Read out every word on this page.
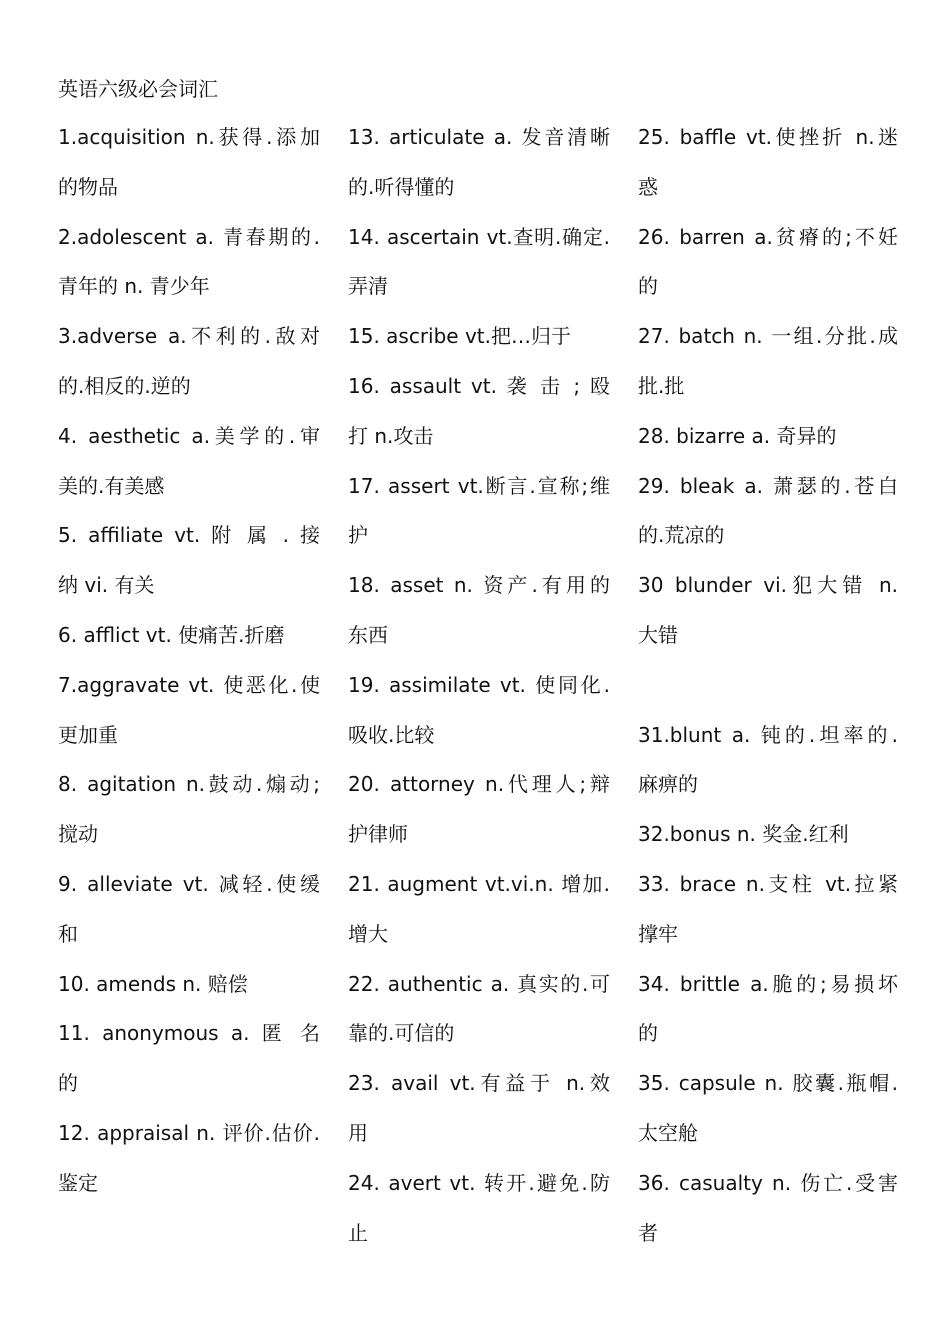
英语六级必会词汇
1.acquisition n.获得.添加
的物品
2.adolescent a. 青春期的.
青年的 n. 青少年
3.adverse a.不利的.敌对
的.相反的.逆的
4. aesthetic a.美学的.审
美的.有美感
5. affiliate vt. 附 属 . 接
纳 vi. 有关
6. afflict vt. 使痛苦.折磨
7.aggravate vt. 使恶化.使
更加重
8. agitation n.鼓动.煽动;
搅动
9. alleviate vt. 减轻.使缓
和
10. amends n. 赔偿
11. anonymous a. 匿 名
的
12. appraisal n. 评价.估价.
鉴定
13. articulate a. 发音清晰
的.听得懂的
14. ascertain vt.查明.确定.
弄清
15. ascribe vt.把…归于
16. assault vt. 袭 击 ; 殴
打 n.攻击
17. assert vt.断言.宣称;维
护
18. asset n. 资产.有用的
东西
19. assimilate vt. 使同化.
吸收.比较
20. attorney n.代理人;辩
护律师
21. augment vt.vi.n. 增加.
增大
22. authentic a. 真实的.可
靠的.可信的
23. avail vt.有益于 n.效
用
24. avert vt. 转开.避免.防
止
25. baffle vt.使挫折 n.迷
惑
26. barren a.贫瘠的;不妊
的
27. batch n. 一组.分批.成
批.批
28. bizarre a. 奇异的
29. bleak a. 萧瑟的.苍白
的.荒凉的
30 blunder vi.犯大错 n.
大错
31.blunt a. 钝的.坦率的.
麻痹的
32.bonus n. 奖金.红利
33. brace n.支柱 vt.拉紧
撑牢
34. brittle a.脆的;易损坏
的
35. capsule n. 胶囊.瓶帽.
太空舱
36. casualty n. 伤亡.受害
者
